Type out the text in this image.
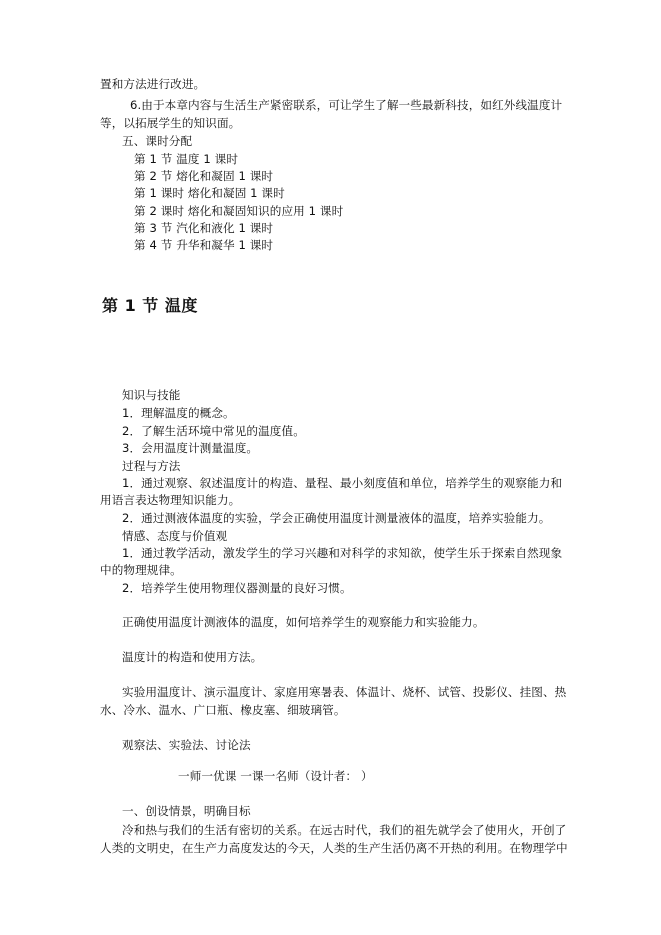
置和方法进行改进。
6.由于本章内容与生活生产紧密联系，可让学生了解一些最新科技，如红外线温度计
等，以拓展学生的知识面。
五、课时分配
第 1 节 温度 1 课时
第 2 节 熔化和凝固 1 课时
第 1 课时 熔化和凝固 1 课时
第 2 课时 熔化和凝固知识的应用 1 课时
第 3 节 汽化和液化 1 课时
第 4 节 升华和凝华 1 课时
第 1 节 温度
知识与技能
1．理解温度的概念。
2．了解生活环境中常见的温度值。
3．会用温度计测量温度。
过程与方法
1．通过观察、叙述温度计的构造、量程、最小刻度值和单位，培养学生的观察能力和
用语言表达物理知识能力。
2．通过测液体温度的实验，学会正确使用温度计测量液体的温度，培养实验能力。
情感、态度与价值观
1．通过教学活动，激发学生的学习兴趣和对科学的求知欲，使学生乐于探索自然现象
中的物理规律。
2．培养学生使用物理仪器测量的良好习惯。
正确使用温度计测液体的温度，如何培养学生的观察能力和实验能力。
温度计的构造和使用方法。
实验用温度计、演示温度计、家庭用寒暑表、体温计、烧杯、试管、投影仪、挂图、热
水、冷水、温水、广口瓶、橡皮塞、细玻璃管。
观察法、实验法、讨论法
一师一优课 一课一名师（设计者： ）
一、创设情景，明确目标
冷和热与我们的生活有密切的关系。在远古时代，我们的祖先就学会了使用火，开创了
人类的文明史，在生产力高度发达的今天，人类的生产生活仍离不开热的利用。在物理学中
